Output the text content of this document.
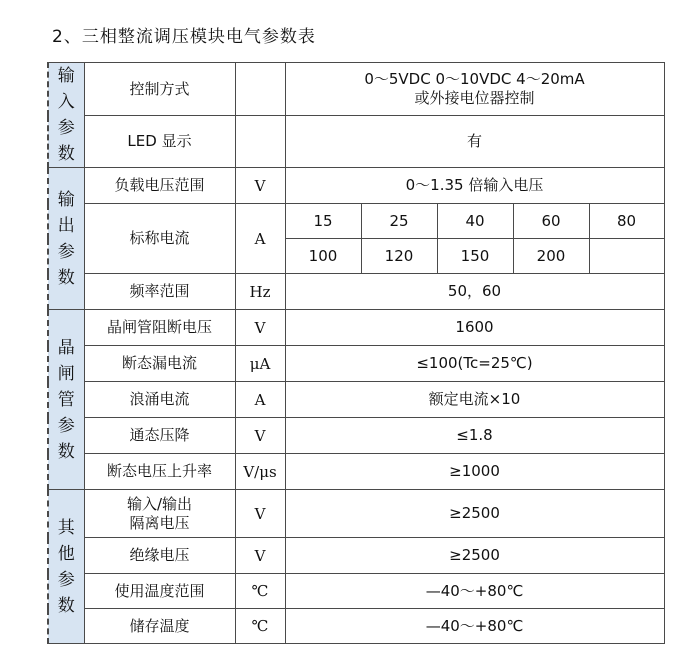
2、三相整流调压模块电气参数表
输
入
参
数	控制方式		0～5VDC 0～10VDC 4～20mA
或外接电位器控制				

	LED 显示		有				

输
出
参
数	负载电压范围	V	0～1.35 倍输入电压				
	标称电流	A	15	25	40	60	80
			100	120	150	200	
	频率范围	Hz	50，60				

晶
闸
管
参
数	晶闸管阻断电压	V	1600				
	断态漏电流	μA	≤100(Tc=25℃)				
	浪涌电流	A	额定电流×10				
	通态压降	V	≤1.8				
	断态电压上升率	V/μs	≥1000				

其
他
参
数	输入/输出
隔离电压	V	≥2500				
	绝缘电压	V	≥2500				
	使用温度范围	℃	—40～+80℃				
	储存温度	℃	—40～+80℃				
